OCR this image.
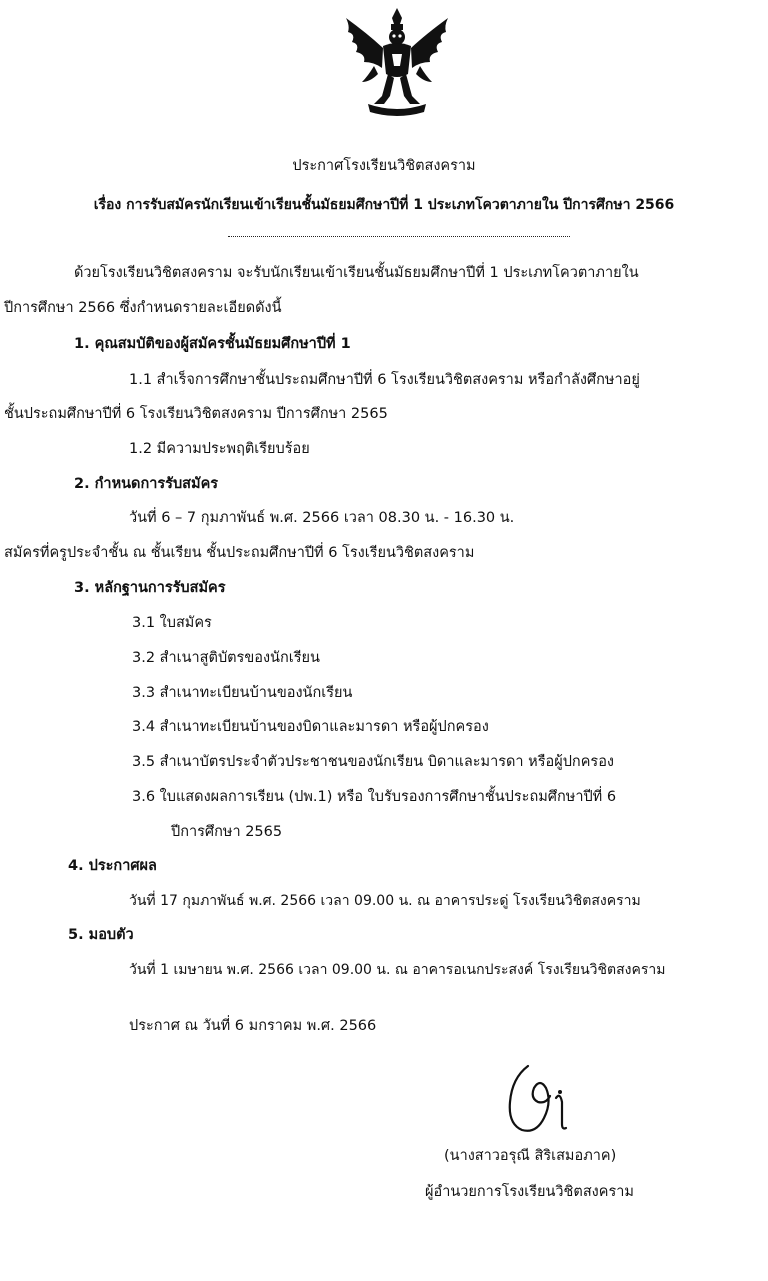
ประกาศโรงเรียนวิชิตสงคราม
เรื่อง การรับสมัครนักเรียนเข้าเรียนชั้นมัธยมศึกษาปีที่ 1 ประเภทโควตาภายใน ปีการศึกษา 2566
ด้วยโรงเรียนวิชิตสงคราม จะรับนักเรียนเข้าเรียนชั้นมัธยมศึกษาปีที่ 1 ประเภทโควตาภายใน
ปีการศึกษา 2566 ซึ่งกำหนดรายละเอียดดังนี้
1. คุณสมบัติของผู้สมัครชั้นมัธยมศึกษาปีที่ 1
1.1 สำเร็จการศึกษาชั้นประถมศึกษาปีที่ 6 โรงเรียนวิชิตสงคราม หรือกำลังศึกษาอยู่
ชั้นประถมศึกษาปีที่ 6 โรงเรียนวิชิตสงคราม ปีการศึกษา 2565
1.2 มีความประพฤติเรียบร้อย
2. กำหนดการรับสมัคร
วันที่ 6 – 7 กุมภาพันธ์ พ.ศ. 2566 เวลา 08.30 น. - 16.30 น.
สมัครที่ครูประจำชั้น ณ ชั้นเรียน ชั้นประถมศึกษาปีที่ 6 โรงเรียนวิชิตสงคราม
3. หลักฐานการรับสมัคร
3.1 ใบสมัคร
3.2 สำเนาสูติบัตรของนักเรียน
3.3 สำเนาทะเบียนบ้านของนักเรียน
3.4 สำเนาทะเบียนบ้านของบิดาและมารดา หรือผู้ปกครอง
3.5 สำเนาบัตรประจำตัวประชาชนของนักเรียน บิดาและมารดา หรือผู้ปกครอง
3.6 ใบแสดงผลการเรียน (ปพ.1) หรือ ใบรับรองการศึกษาชั้นประถมศึกษาปีที่ 6
ปีการศึกษา 2565
4. ประกาศผล
วันที่ 17 กุมภาพันธ์ พ.ศ. 2566 เวลา 09.00 น. ณ อาคารประดู่ โรงเรียนวิชิตสงคราม
5. มอบตัว
วันที่ 1 เมษายน พ.ศ. 2566 เวลา 09.00 น. ณ อาคารอเนกประสงค์ โรงเรียนวิชิตสงคราม
ประกาศ ณ วันที่ 6 มกราคม พ.ศ. 2566
(นางสาวอรุณี สิริเสมอภาค)
ผู้อำนวยการโรงเรียนวิชิตสงคราม
